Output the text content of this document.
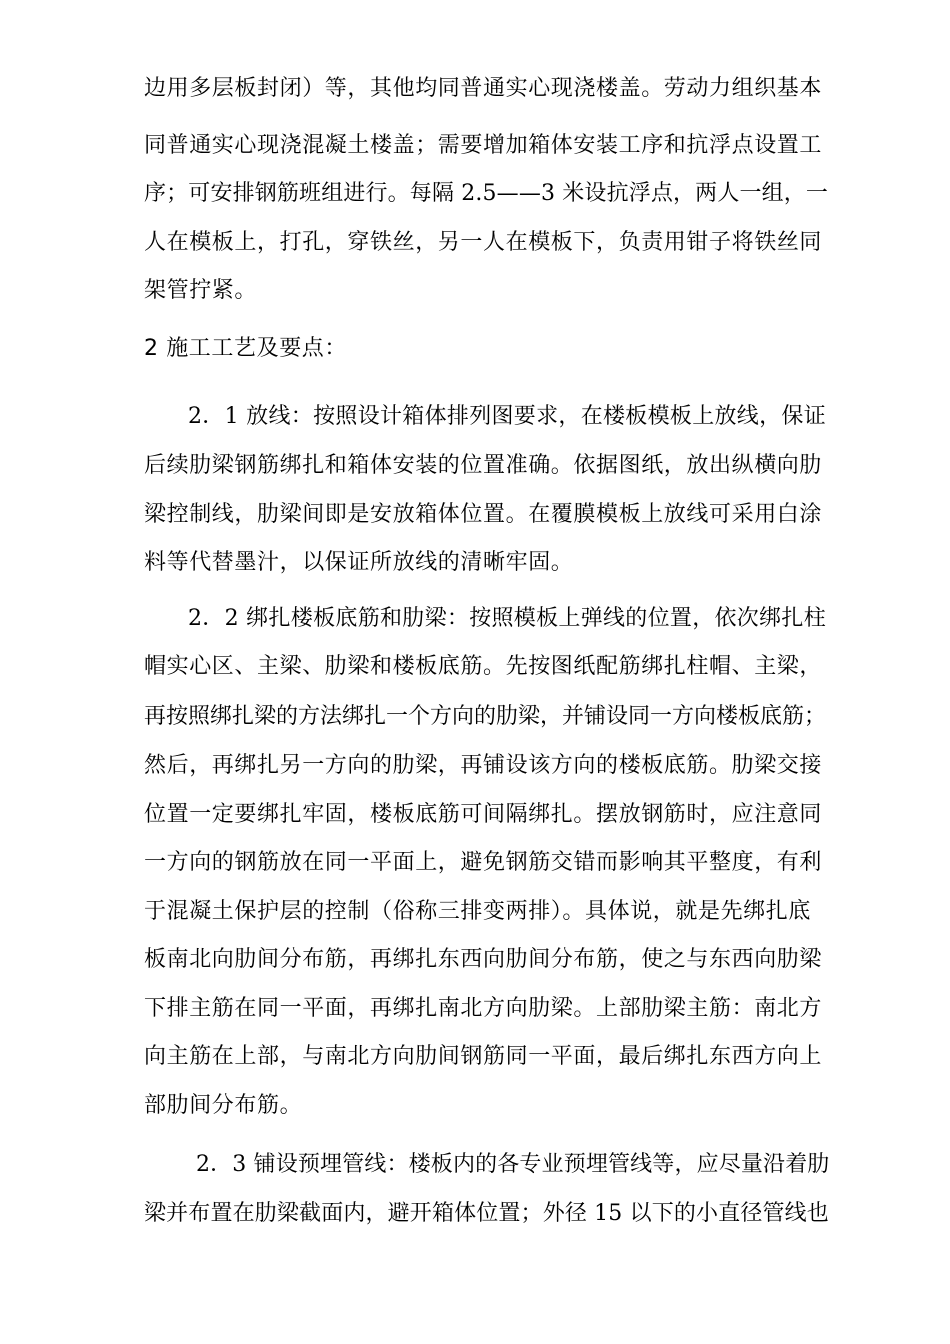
边用多层板封闭）等，其他均同普通实心现浇楼盖。劳动力组织基本
同普通实心现浇混凝土楼盖；需要增加箱体安装工序和抗浮点设置工
序；可安排钢筋班组进行。每隔 2.5——3 米设抗浮点，两人一组，一
人在模板上，打孔，穿铁丝，另一人在模板下，负责用钳子将铁丝同
架管拧紧。
2 施工工艺及要点：
2．1 放线：按照设计箱体排列图要求，在楼板模板上放线，保证
后续肋梁钢筋绑扎和箱体安装的位置准确。依据图纸，放出纵横向肋
梁控制线，肋梁间即是安放箱体位置。在覆膜模板上放线可采用白涂
料等代替墨汁，以保证所放线的清晰牢固。
2．2 绑扎楼板底筋和肋梁：按照模板上弹线的位置，依次绑扎柱
帽实心区、主梁、肋梁和楼板底筋。先按图纸配筋绑扎柱帽、主梁，
再按照绑扎梁的方法绑扎一个方向的肋梁，并铺设同一方向楼板底筋；
然后，再绑扎另一方向的肋梁，再铺设该方向的楼板底筋。肋梁交接
位置一定要绑扎牢固，楼板底筋可间隔绑扎。摆放钢筋时，应注意同
一方向的钢筋放在同一平面上，避免钢筋交错而影响其平整度，有利
于混凝土保护层的控制（俗称三排变两排）。具体说，就是先绑扎底
板南北向肋间分布筋，再绑扎东西向肋间分布筋，使之与东西向肋梁
下排主筋在同一平面，再绑扎南北方向肋梁。上部肋梁主筋：南北方
向主筋在上部，与南北方向肋间钢筋同一平面，最后绑扎东西方向上
部肋间分布筋。
2．3 铺设预埋管线：楼板内的各专业预埋管线等，应尽量沿着肋
梁并布置在肋梁截面内，避开箱体位置；外径 15 以下的小直径管线也
